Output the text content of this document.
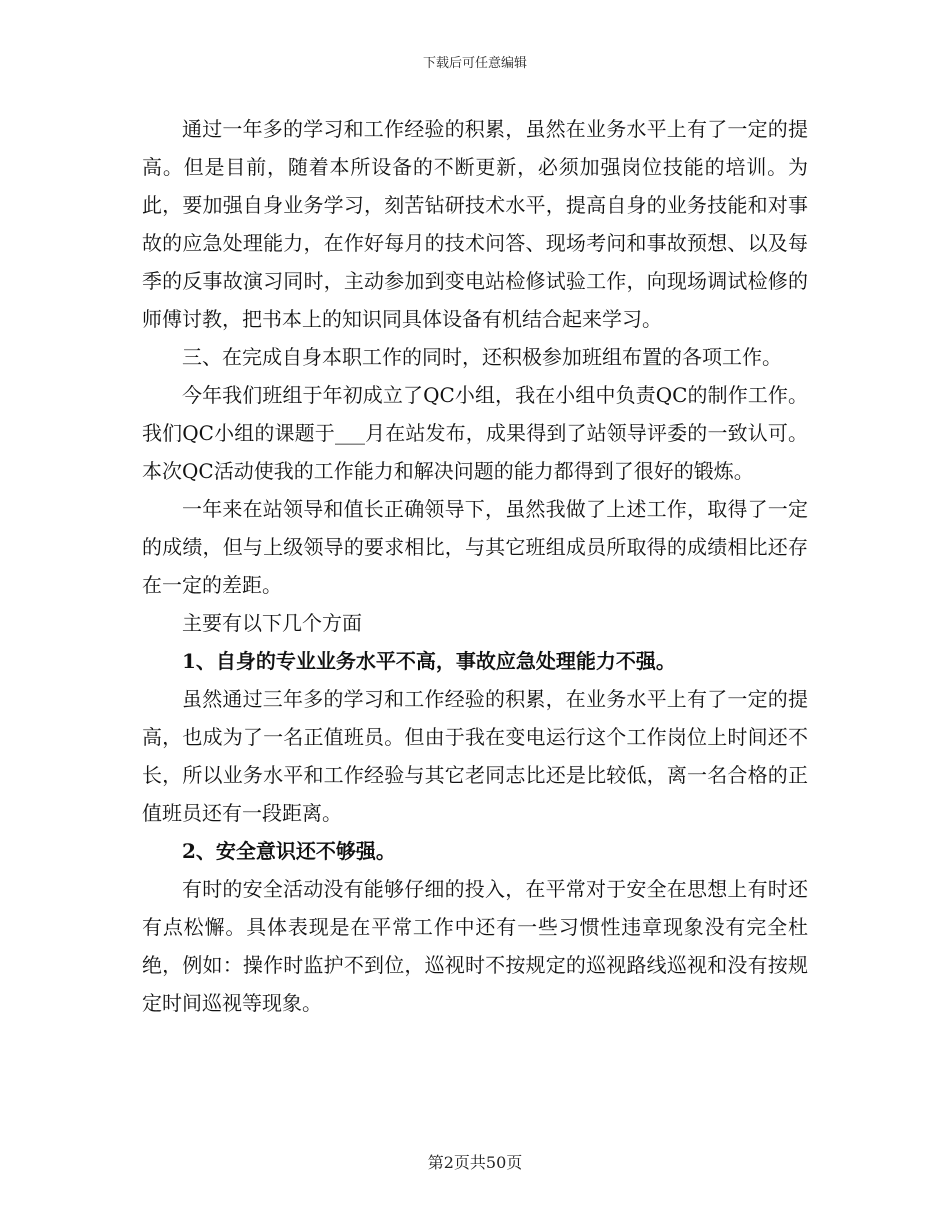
下载后可任意编辑

通过一年多的学习和工作经验的积累，虽然在业务水平上有了一定的提高。但是目前，随着本所设备的不断更新，必须加强岗位技能的培训。为此，要加强自身业务学习，刻苦钻研技术水平，提高自身的业务技能和对事故的应急处理能力，在作好每月的技术问答、现场考问和事故预想、以及每季的反事故演习同时，主动参加到变电站检修试验工作，向现场调试检修的师傅讨教，把书本上的知识同具体设备有机结合起来学习。

三、在完成自身本职工作的同时，还积极参加班组布置的各项工作。

今年我们班组于年初成立了QC小组，我在小组中负责QC的制作工作。我们QC小组的课题于___月在站发布，成果得到了站领导评委的一致认可。本次QC活动使我的工作能力和解决问题的能力都得到了很好的锻炼。

一年来在站领导和值长正确领导下，虽然我做了上述工作，取得了一定的成绩，但与上级领导的要求相比，与其它班组成员所取得的成绩相比还存在一定的差距。

主要有以下几个方面

1、自身的专业业务水平不高，事故应急处理能力不强。

虽然通过三年多的学习和工作经验的积累，在业务水平上有了一定的提高，也成为了一名正值班员。但由于我在变电运行这个工作岗位上时间还不长，所以业务水平和工作经验与其它老同志比还是比较低，离一名合格的正值班员还有一段距离。

2、安全意识还不够强。

有时的安全活动没有能够仔细的投入，在平常对于安全在思想上有时还有点松懈。具体表现是在平常工作中还有一些习惯性违章现象没有完全杜绝，例如：操作时监护不到位，巡视时不按规定的巡视路线巡视和没有按规定时间巡视等现象。

第2页共50页
